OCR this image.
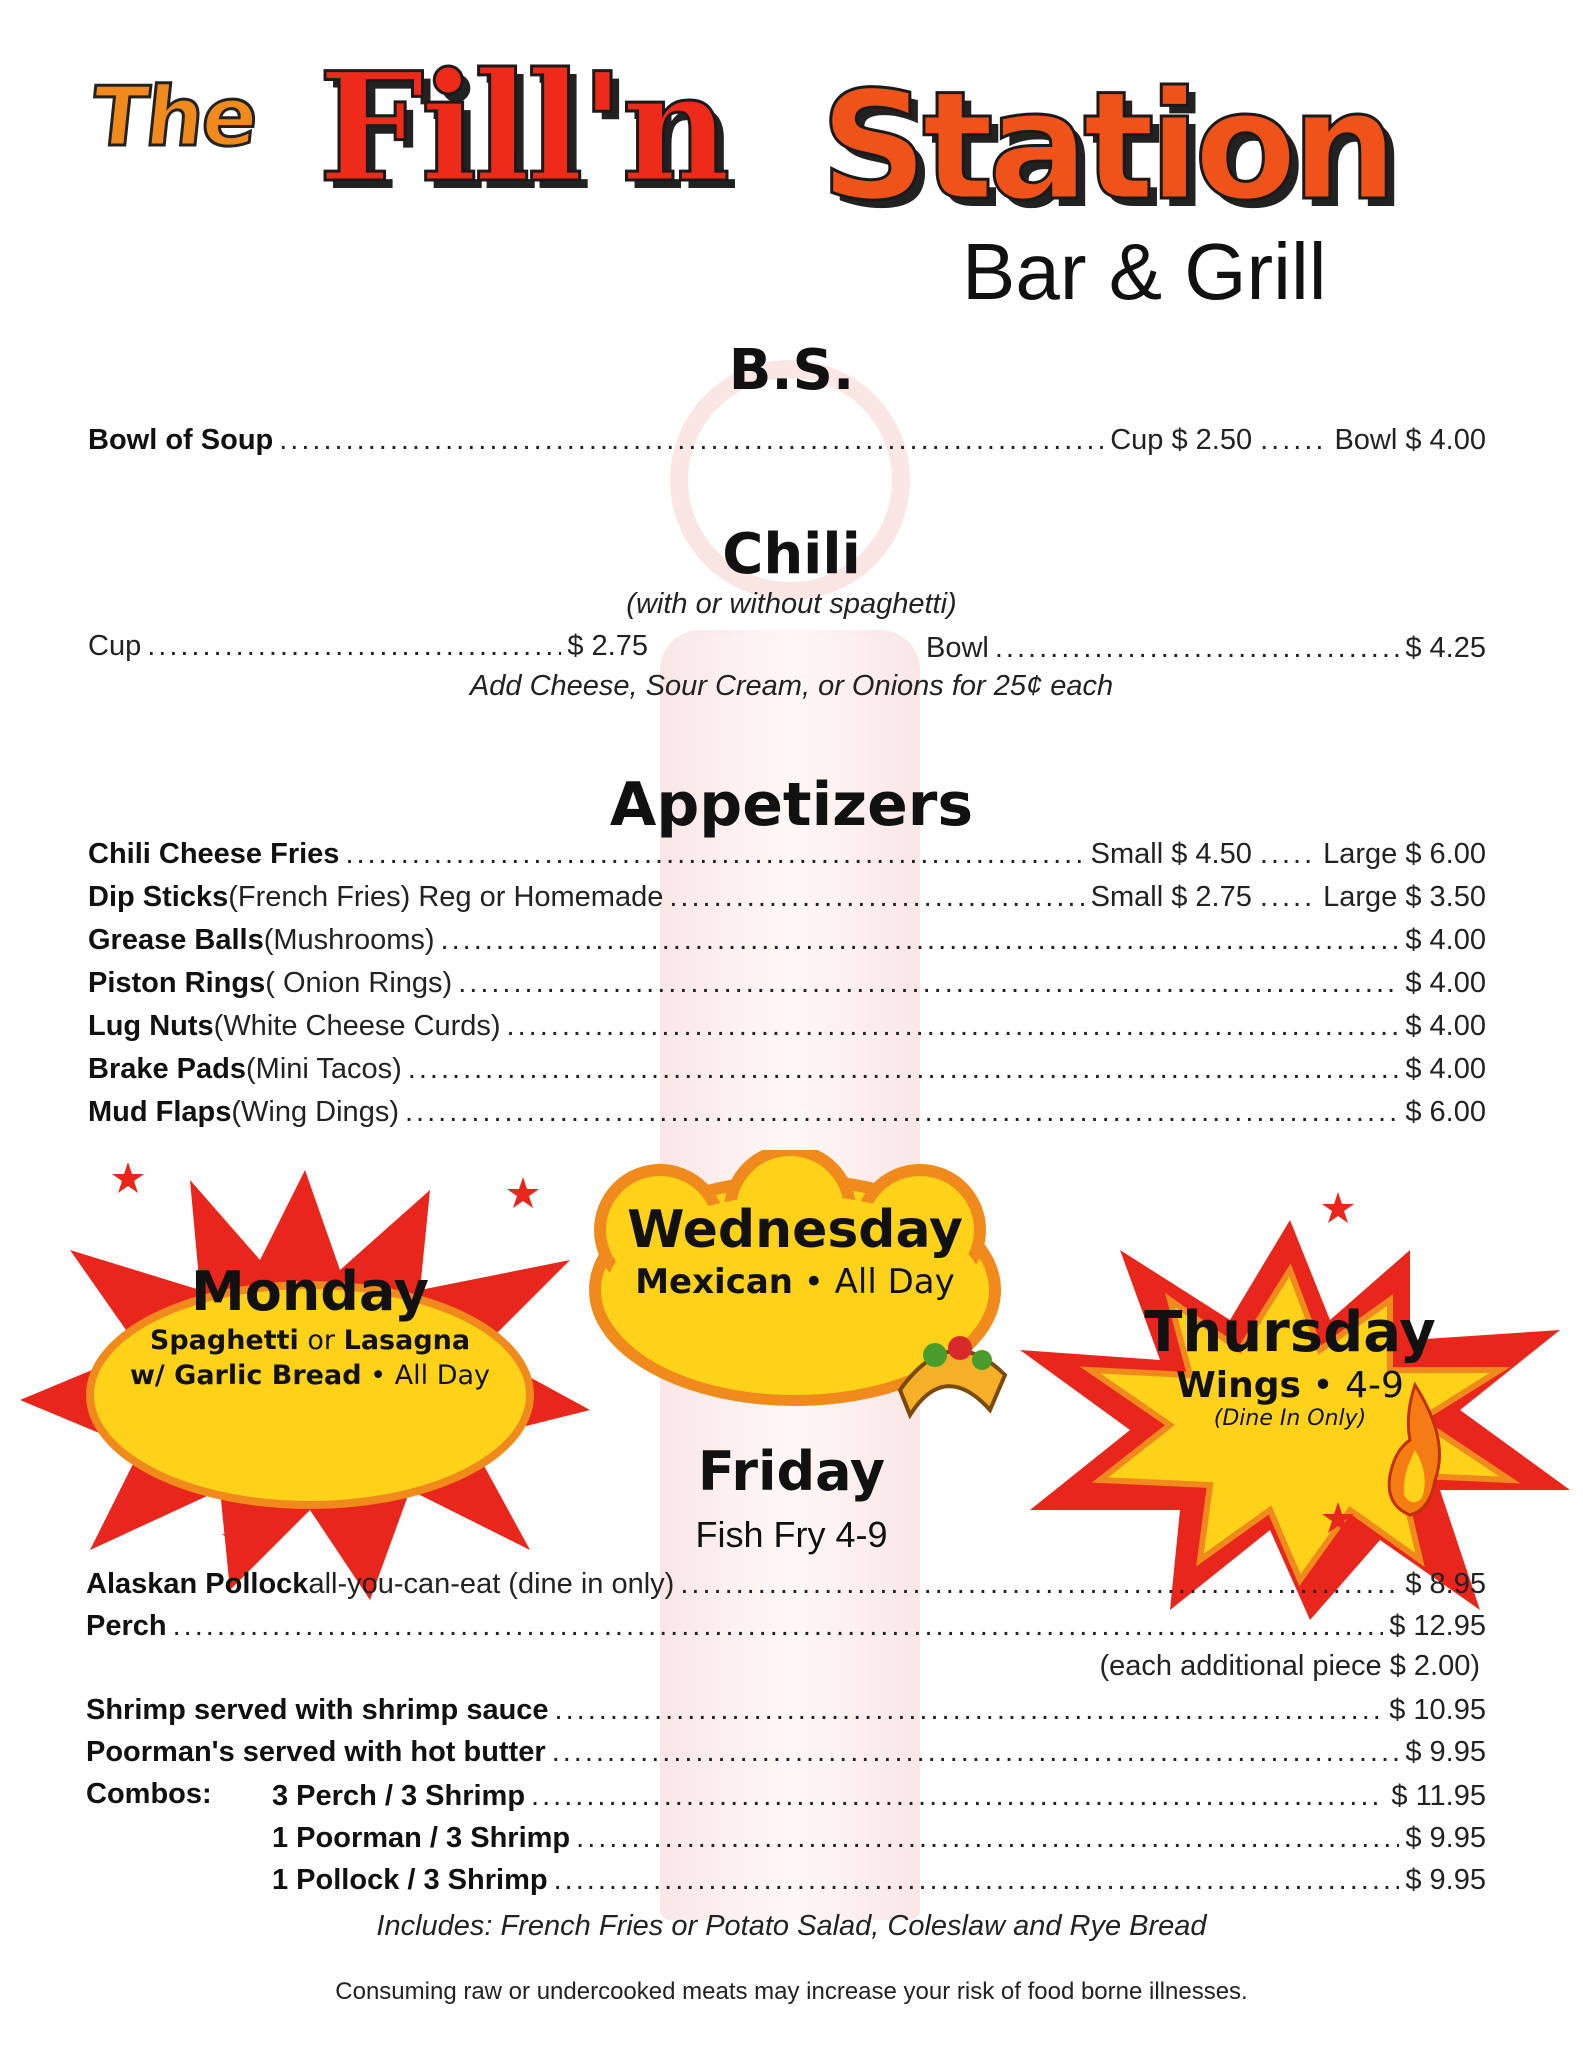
The Fill'n Station
Bar & Grill
B.S.
Bowl of Soup .....	Cup $ 2.50 ...... Bowl $ 4.00
Chili
(with or without spaghetti)
Cup .....	$ 2.75	Bowl .....	$ 4.25
Add Cheese, Sour Cream, or Onions for 25¢ each
Appetizers
Chili Cheese Fries .....	Small $ 4.50 ..... Large $ 6.00
Dip Sticks (French Fries) Reg or Homemade .....	Small $ 2.75 ..... Large $ 3.50
Grease Balls (Mushrooms) .....	$ 4.00
Piston Rings ( Onion Rings) .....	$ 4.00
Lug Nuts (White Cheese Curds) .....	$ 4.00
Brake Pads (Mini Tacos) .....	$ 4.00
Mud Flaps (Wing Dings) .....	$ 6.00
Monday
Spaghetti or Lasagna
w/ Garlic Bread • All Day
Wednesday
Mexican • All Day
Thursday
Wings • 4-9
(Dine In Only)
Friday
Fish Fry 4-9
Alaskan Pollock all-you-can-eat (dine in only) .....	$ 8.95
Perch .....	$ 12.95
(each additional piece $ 2.00)
Shrimp served with shrimp sauce .....	$ 10.95
Poorman's served with hot butter .....	$ 9.95
Combos: 3 Perch / 3 Shrimp .....	$ 11.95
1 Poorman / 3 Shrimp .....	$ 9.95
1 Pollock / 3 Shrimp .....	$ 9.95
Includes: French Fries or Potato Salad, Coleslaw and Rye Bread
Consuming raw or undercooked meats may increase your risk of food borne illnesses.
